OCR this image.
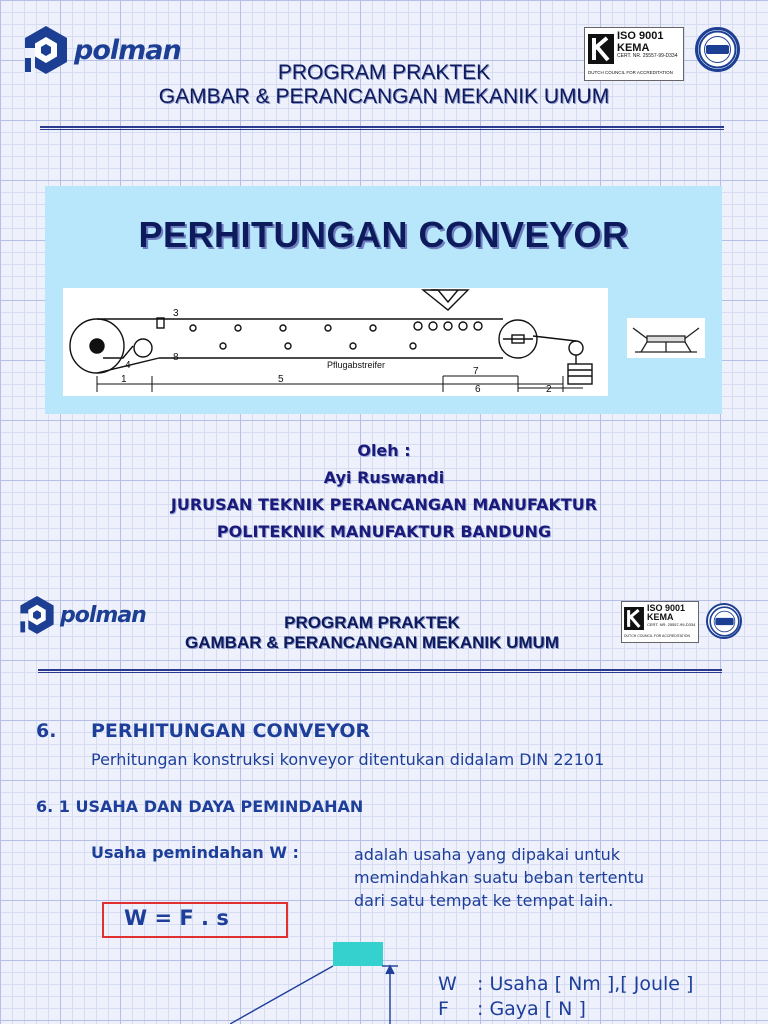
polman	ISO 9001
KEMA
CERT. NR. 25557-99-D334
DUTCH COUNCIL FOR ACCREDITATION
PROGRAM PRAKTEK
GAMBAR & PERANCANGAN MEKANIK UMUM
PERHITUNGAN CONVEYOR
3
8
4
1	5
7
6	2
Pflugabstreifer
Oleh :
Ayi Ruswandi
JURUSAN TEKNIK PERANCANGAN MANUFAKTUR
POLITEKNIK MANUFAKTUR BANDUNG
polman	ISO 9001
KEMA
CERT. NR. 25557-99-D334
DUTCH COUNCIL FOR ACCREDITATION
PROGRAM PRAKTEK
GAMBAR & PERANCANGAN MEKANIK UMUM
6. PERHITUNGAN CONVEYOR
Perhitungan konstruksi konveyor ditentukan didalam DIN 22101
6. 1 USAHA DAN DAYA PEMINDAHAN
Usaha pemindahan W :	adalah usaha yang dipakai untuk
memindahkan suatu beban tertentu
dari satu tempat ke tempat lain.
W = F . s
W : Usaha [ Nm ],[ Joule ]
F : Gaya [ N ]
